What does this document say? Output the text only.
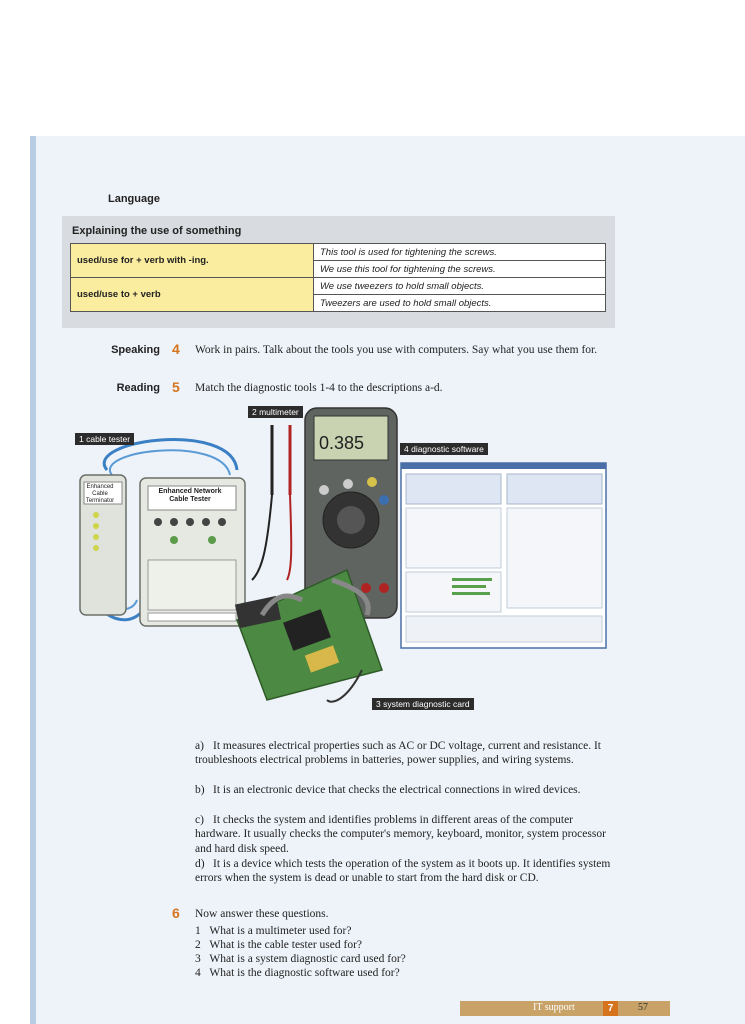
Language
Explaining the use of something
used/use for + verb with -ing.	This tool is used for tightening the screws.
	We use this tool for tightening the screws.
used/use to + verb	We use tweezers to hold small objects.
	Tweezers are used to hold small objects.
Speaking 4 Work in pairs. Talk about the tools you use with computers. Say what you use them for.
Reading 5 Match the diagnostic tools 1-4 to the descriptions a-d.
0.385
2 multimeter
1 cable tester
4 diagnostic software
3 system diagnostic card
Enhanced Network Cable Tester
Enhanced Cable Terminator
a) It measures electrical properties such as AC or DC voltage, current and resistance. It troubleshoots electrical problems in batteries, power supplies, and wiring systems.
b) It is an electronic device that checks the electrical connections in wired devices.
c) It checks the system and identifies problems in different areas of the computer hardware. It usually checks the computer's memory, keyboard, monitor, system processor and hard disk speed.
d) It is a device which tests the operation of the system as it boots up. It identifies system errors when the system is dead or unable to start from the hard disk or CD.
6 Now answer these questions.
1 What is a multimeter used for?
2 What is the cable tester used for?
3 What is a system diagnostic card used for?
4 What is the diagnostic software used for?
IT support	7	57
